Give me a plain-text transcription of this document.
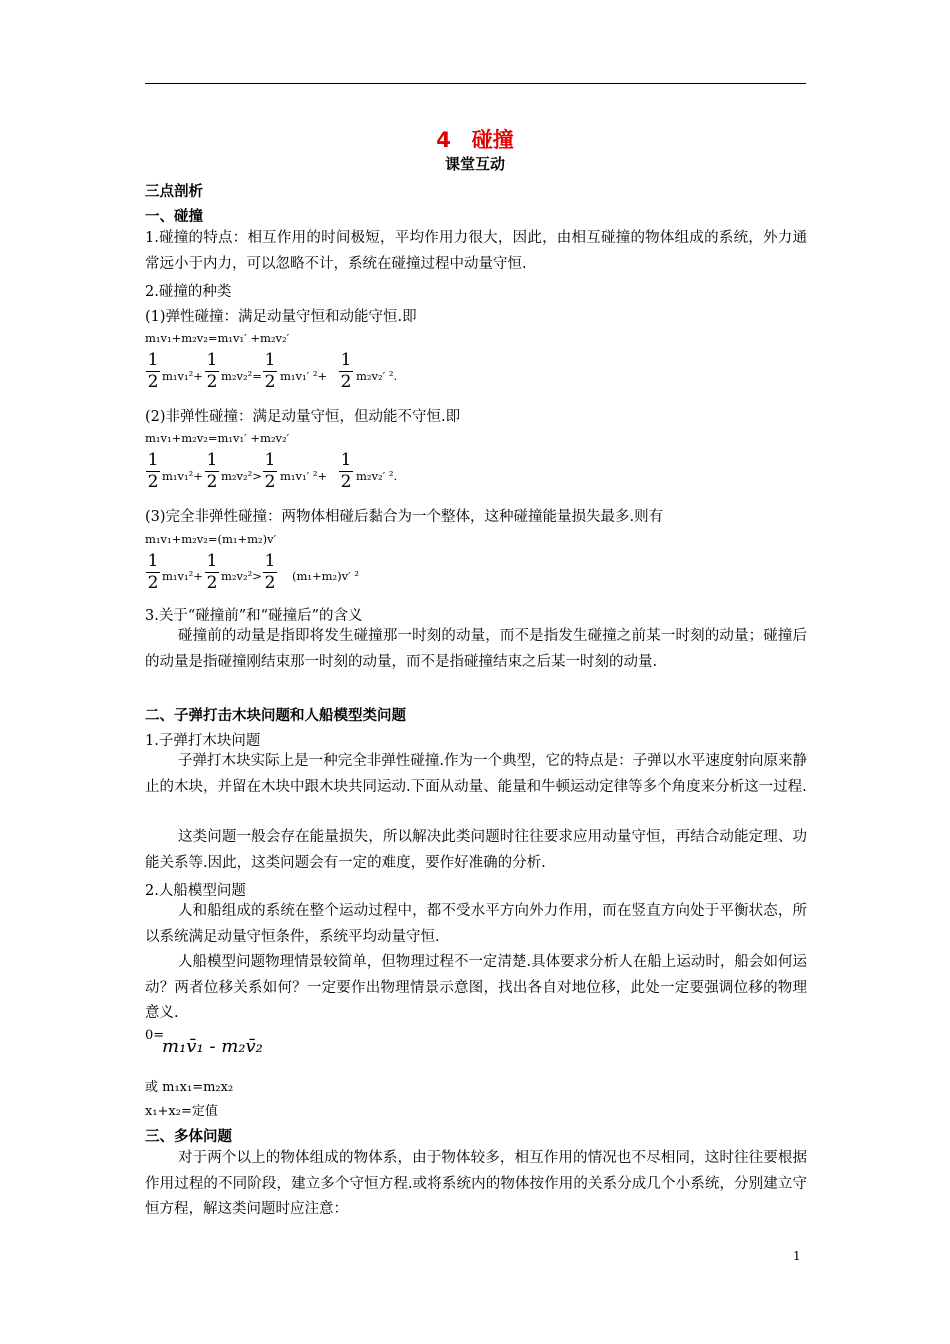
4　碰撞
课堂互动
三点剖析
一、碰撞
1.碰撞的特点：相互作用的时间极短，平均作用力很大，因此，由相互碰撞的物体组成的系统，外力通常远小于内力，可以忽略不计，系统在碰撞过程中动量守恒.
2.碰撞的种类
(1)弹性碰撞：满足动量守恒和动能守恒.即
m₁v₁+m₂v₂=m₁v₁′ +m₂v₂′
1
2 m₁v₁²+
1
2 m₂v₂²=
1
2 m₁v₁′ ²+
1
2 m₂v₂′ ².
(2)非弹性碰撞：满足动量守恒，但动能不守恒.即
m₁v₁+m₂v₂=m₁v₁′ +m₂v₂′
1
2 m₁v₁²+
1
2 m₂v₂²>
1
2 m₁v₁′ ²+
1
2 m₂v₂′ ².
(3)完全非弹性碰撞：两物体相碰后黏合为一个整体，这种碰撞能量损失最多.则有
m₁v₁+m₂v₂=(m₁+m₂)v′
1
2 m₁v₁²+
1
2 m₂v₂²>
1
2 (m₁+m₂)v′ ²
3.关于“碰撞前”和“碰撞后”的含义
碰撞前的动量是指即将发生碰撞那一时刻的动量，而不是指发生碰撞之前某一时刻的动量；碰撞后的动量是指碰撞刚结束那一时刻的动量，而不是指碰撞结束之后某一时刻的动量.
二、子弹打击木块问题和人船模型类问题
1.子弹打木块问题
子弹打木块实际上是一种完全非弹性碰撞.作为一个典型，它的特点是：子弹以水平速度射向原来静止的木块，并留在木块中跟木块共同运动.下面从动量、能量和牛顿运动定律等多个角度来分析这一过程.
这类问题一般会存在能量损失，所以解决此类问题时往往要求应用动量守恒，再结合动能定理、功能关系等.因此，这类问题会有一定的难度，要作好准确的分析.
2.人船模型问题
人和船组成的系统在整个运动过程中，都不受水平方向外力作用，而在竖直方向处于平衡状态，所以系统满足动量守恒条件，系统平均动量守恒.
人船模型问题物理情景较简单，但物理过程不一定清楚.具体要求分析人在船上运动时，船会如何运动？两者位移关系如何？一定要作出物理情景示意图，找出各自对地位移，此处一定要强调位移的物理意义.
0=
m₁v̄₁ - m₂v̄₂
或 m₁x₁=m₂x₂
x₁+x₂=定值
三、多体问题
对于两个以上的物体组成的物体系，由于物体较多，相互作用的情况也不尽相同，这时往往要根据作用过程的不同阶段，建立多个守恒方程.或将系统内的物体按作用的关系分成几个小系统，分别建立守恒方程，解这类问题时应注意：
1
